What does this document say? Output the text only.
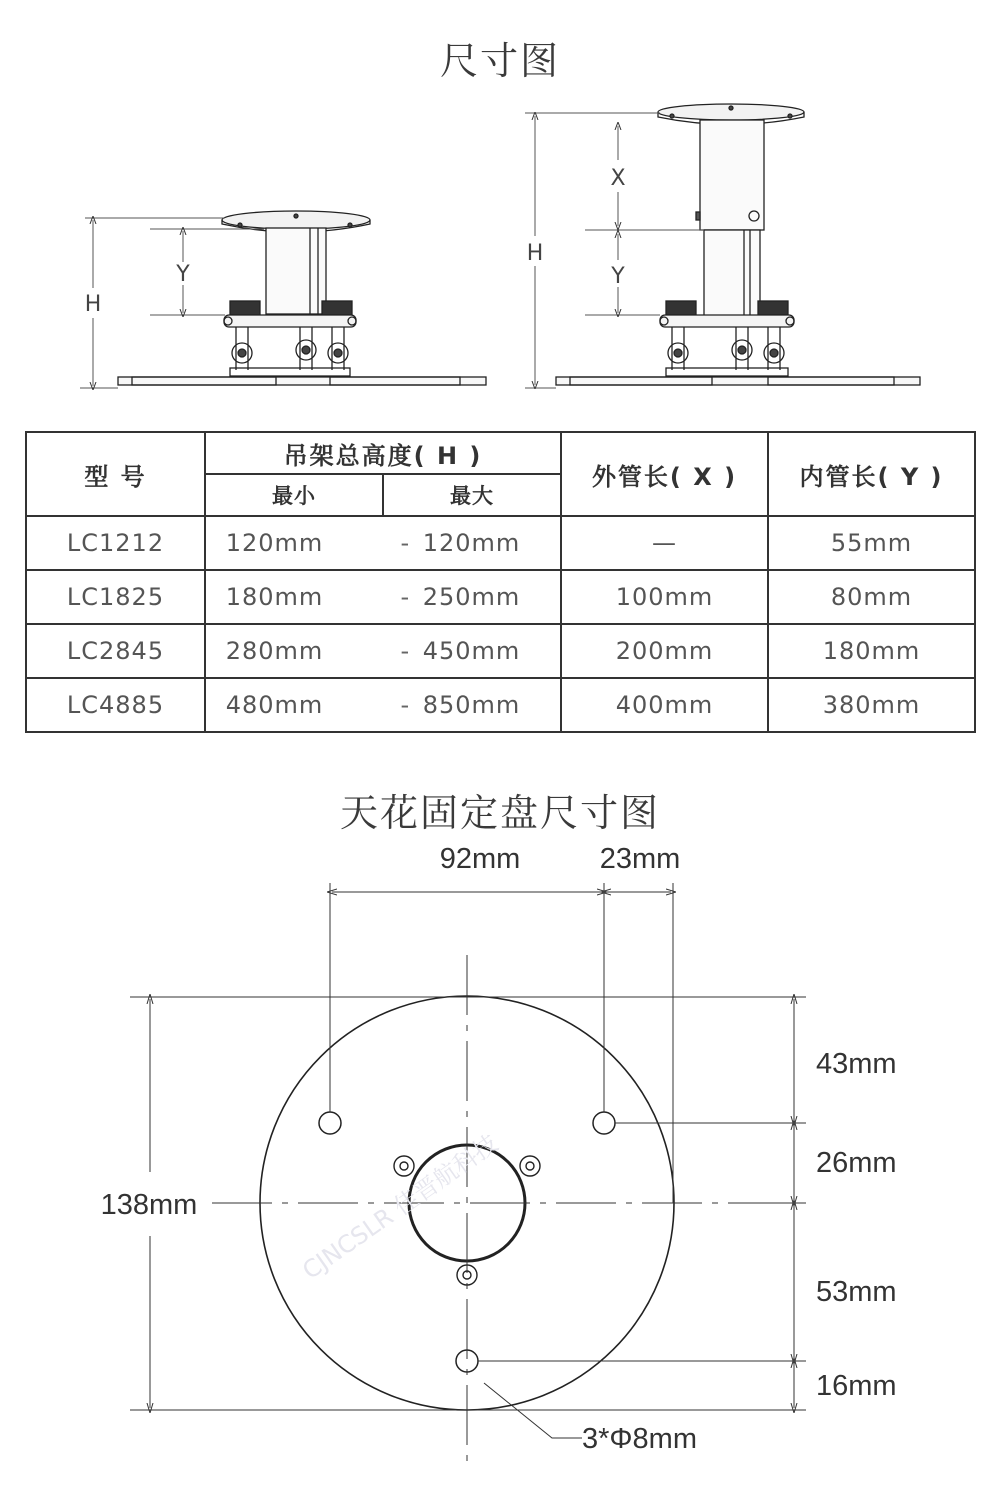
尺寸图
H
Y
H
X
Y
型 号	吊架总高度( H )		外管长( X )	内管长( Y )
	最小	最大		
LC1212	120mm -	120mm	—	55mm
LC1825	180mm -	250mm	100mm	80mm
LC2845	280mm -	450mm	200mm	180mm
LC4885	480mm -	850mm	400mm	380mm
天花固定盘尺寸图
92mm	23mm
138mm
43mm
26mm
53mm
16mm
3*Φ8mm
CJNCSLR 佳晋航科技
